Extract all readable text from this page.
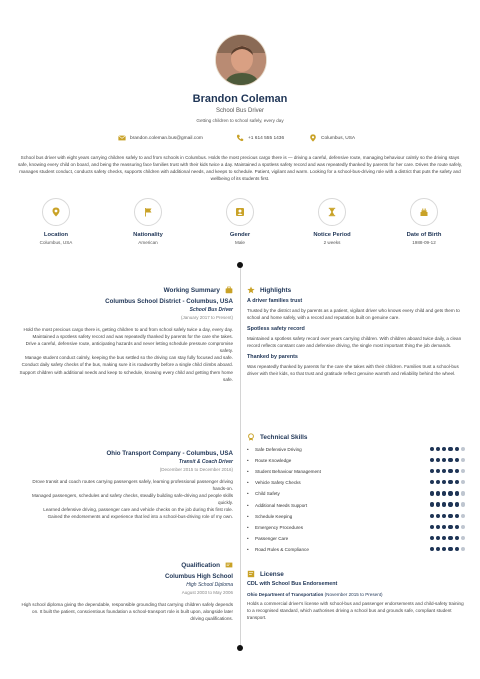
Brandon Coleman
School Bus Driver
Getting children to school safely, every day
brandon.coleman.bus@gmail.com	+1 614 555 1436	Columbus, USA

School bus driver with eight years carrying children safely to and from schools in Columbus. Holds the most precious cargo there is — driving a careful, defensive route, managing behaviour calmly so the driving stays safe, knowing every child on board, and being the reassuring face families trust with their kids twice a day. Maintained a spotless safety record and was repeatedly thanked by parents for her care. Drives the route safely, manages student conduct, conducts safety checks, supports children with additional needs, and keeps to schedule. Patient, vigilant and warm. Looking for a school-bus-driving role with a district that puts the safety and wellbeing of its students first.

Location
Columbus, USA
Nationality
American
Gender
Male
Notice Period
2 weeks
Date of Birth
1988-09-12
Working Summary
Columbus School District - Columbus, USA
School Bus Driver
(January 2017 to Present)

Hold the most precious cargo there is, getting children to and from school safely twice a day, every day.

Maintained a spotless safety record and was repeatedly thanked by parents for the care she takes.

Drive a careful, defensive route, anticipating hazards and never letting schedule pressure compromise safety.

Manage student conduct calmly, keeping the bus settled so the driving can stay fully focused and safe.

Conduct daily safety checks of the bus, making sure it is roadworthy before a single child climbs aboard.

Support children with additional needs and keep to schedule, knowing every child and getting them home safe.

Ohio Transport Company - Columbus, USA
Transit & Coach Driver
(December 2015 to December 2016)

Drove transit and coach routes carrying passengers safely, learning professional passenger driving hands-on.

Managed passengers, schedules and safety checks, steadily building safe-driving and people skills quickly.

Learned defensive driving, passenger care and vehicle checks on the job during this first role.

Gained the endorsements and experience that led into a school-bus-driving role of my own.

Qualification
Columbus High School
High School Diploma
August 2003 to May 2006
High school diploma giving the dependable, responsible grounding that carrying children safely depends on. It built the patient, conscientious foundation a school-transport role is built upon, alongside later driving qualifications.
Highlights
A driver families trust
Trusted by the district and by parents as a patient, vigilant driver who knows every child and gets them to school and home safely, with a record and reputation built on genuine care.
Spotless safety record
Maintained a spotless safety record over years carrying children. With children aboard twice daily, a clean record reflects constant care and defensive driving, the single most important thing the job demands.
Thanked by parents
Was repeatedly thanked by parents for the care she takes with their children. Families trust a school-bus driver with their kids, so that trust and gratitude reflect genuine warmth and reliability behind the wheel.
Technical Skills
•	Safe Defensive Driving
•	Route Knowledge
•	Student Behaviour Management
•	Vehicle Safety Checks
•	Child Safety
•	Additional Needs Support
•	Schedule Keeping
•	Emergency Procedures
•	Passenger Care
•	Road Rules & Compliance
License
CDL with School Bus Endorsement
Ohio Department of Transportation (November 2015 to Present)
Holds a commercial driver's license with school-bus and passenger endorsements and child-safety training to a recognised standard, which authorises driving a school bus and grounds safe, compliant student transport.
